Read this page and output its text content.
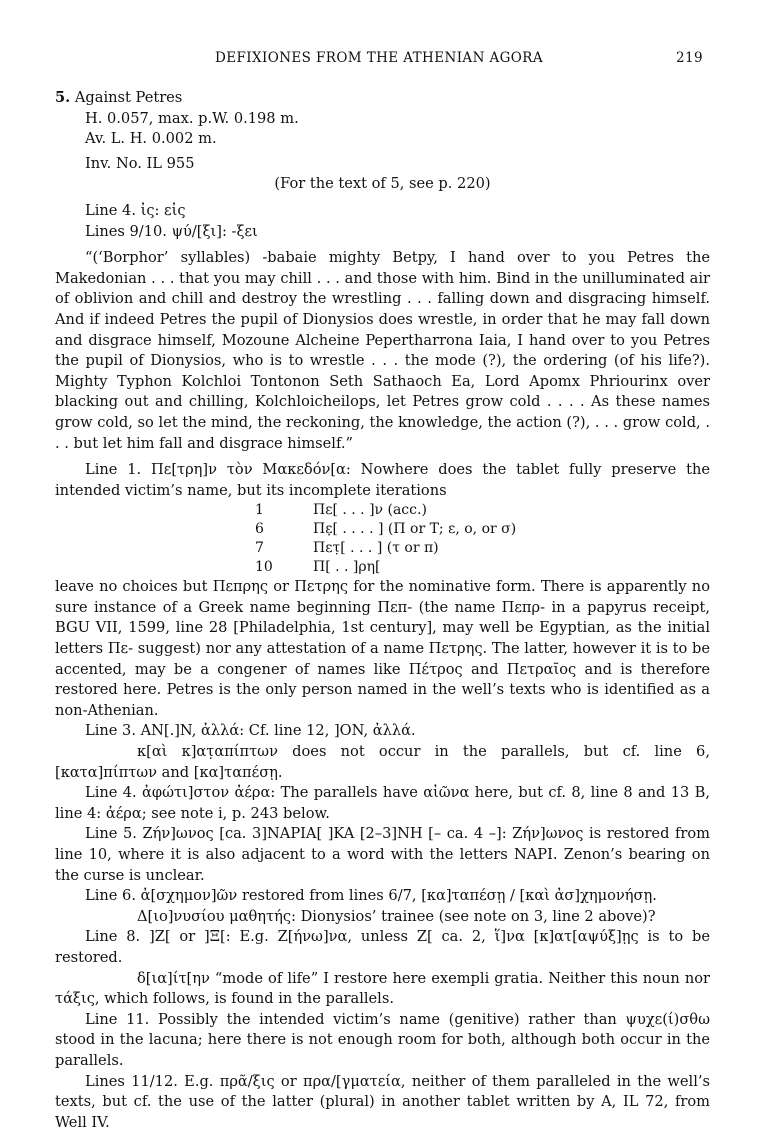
DEFIXIONES FROM THE ATHENIAN AGORA	219

5. Against Petres

H. 0.057, max. p.W. 0.198 m.

Av. L. H. 0.002 m.

Inv. No. IL 955

(For the text of 5, see p. 220)

Line 4. ἰς: εἰς

Lines 9/10. ψύ/[ξι]: -ξει

“(‘Borphor’ syllables) -babaie mighty Betpy, I hand over to you Petres the Makedonian . . . that you may chill . . . and those with him. Bind in the unilluminated air of oblivion and chill and destroy the wrestling . . . falling down and disgracing himself. And if indeed Petres the pupil of Dionysios does wrestle, in order that he may fall down and disgrace himself, Mozoune Alcheine Pepertharrona Iaia, I hand over to you Petres the pupil of Dionysios, who is to wrestle . . . the mode (?), the ordering (of his life?). Mighty Typhon Kolchloi Tontonon Seth Sathaoch Ea, Lord Apomx Phriourinx over blacking out and chilling, Kolchloicheilops, let Petres grow cold . . . . As these names grow cold, so let the mind, the reckoning, the knowledge, the action (?), . . . grow cold, . . . but let him fall and disgrace himself.”

Line 1. Πε[τρη]ν τὸν Μακεδόν[α: Nowhere does the tablet fully preserve the intended victim’s name, but its incomplete iterations

1	Πε[ . . . ]ν (acc.)
6	Πε̣[ . . . . ] (Π or Τ; ε, ο, or σ)
7	Πετ̣[ . . . ] (τ or π)
10	Π[ . . ]ρη[

leave no choices but Πεπρης or Πετρης for the nominative form. There is apparently no sure instance of a Greek name beginning Πεπ- (the name Πεπρ- in a papyrus receipt, BGU VII, 1599, line 28 [Philadelphia, 1st century], may well be Egyptian, as the initial letters Πε- suggest) nor any attestation of a name Πετρης. The latter, however it is to be accented, may be a congener of names like Πέτρος and Πετραῖος and is therefore restored here. Petres is the only person named in the well’s texts who is identified as a non-Athenian.

Line 3. AN[.]N, ἀλλά: Cf. line 12, ]ON, ἀλλά.

κ[αὶ κ]ατ̣απίπτων does not occur in the parallels, but cf. line 6, [κατα]πίπτων and [κα]ταπέσῃ.

Line 4. ἀφώτι]στον ἀέρα: The parallels have αἰῶνα here, but cf. 8, line 8 and 13 B, line 4: ἀέρα; see note i, p. 243 below.

Line 5. Ζήν]ωνος [ca. 3]NAPIA[ ]KA [2–3]NH [– ca. 4 –]: Ζήν]ωνος is restored from line 10, where it is also adjacent to a word with the letters NAPI. Zenon’s bearing on the curse is unclear.

Line 6. ἀ[σχημον]ῶν restored from lines 6/7, [κα]ταπέσῃ / [καὶ ἀσ]χημονήσῃ.

Δ[ιο]νυσίου μαθητής: Dionysios’ trainee (see note on 3, line 2 above)?

Line 8. ]Ζ[ or ]Ξ[: E.g. Ζ[ήνω]να, unless Ζ[ ca. 2, ἵ]να [κ]ατ[αψύξ]ῃς is to be restored.

δ[ια]ίτ[ην “mode of life” I restore here exempli gratia. Neither this noun nor τάξις, which follows, is found in the parallels.

Line 11. Possibly the intended victim’s name (genitive) rather than ψυχε(ί)σθω stood in the lacuna; here there is not enough room for both, although both occur in the parallels.

Lines 11/12. E.g. πρᾶ/ξις or πρα/[γματεία, neither of them paralleled in the well’s texts, but cf. the use of the latter (plural) in another tablet written by A, IL 72, from Well IV.
